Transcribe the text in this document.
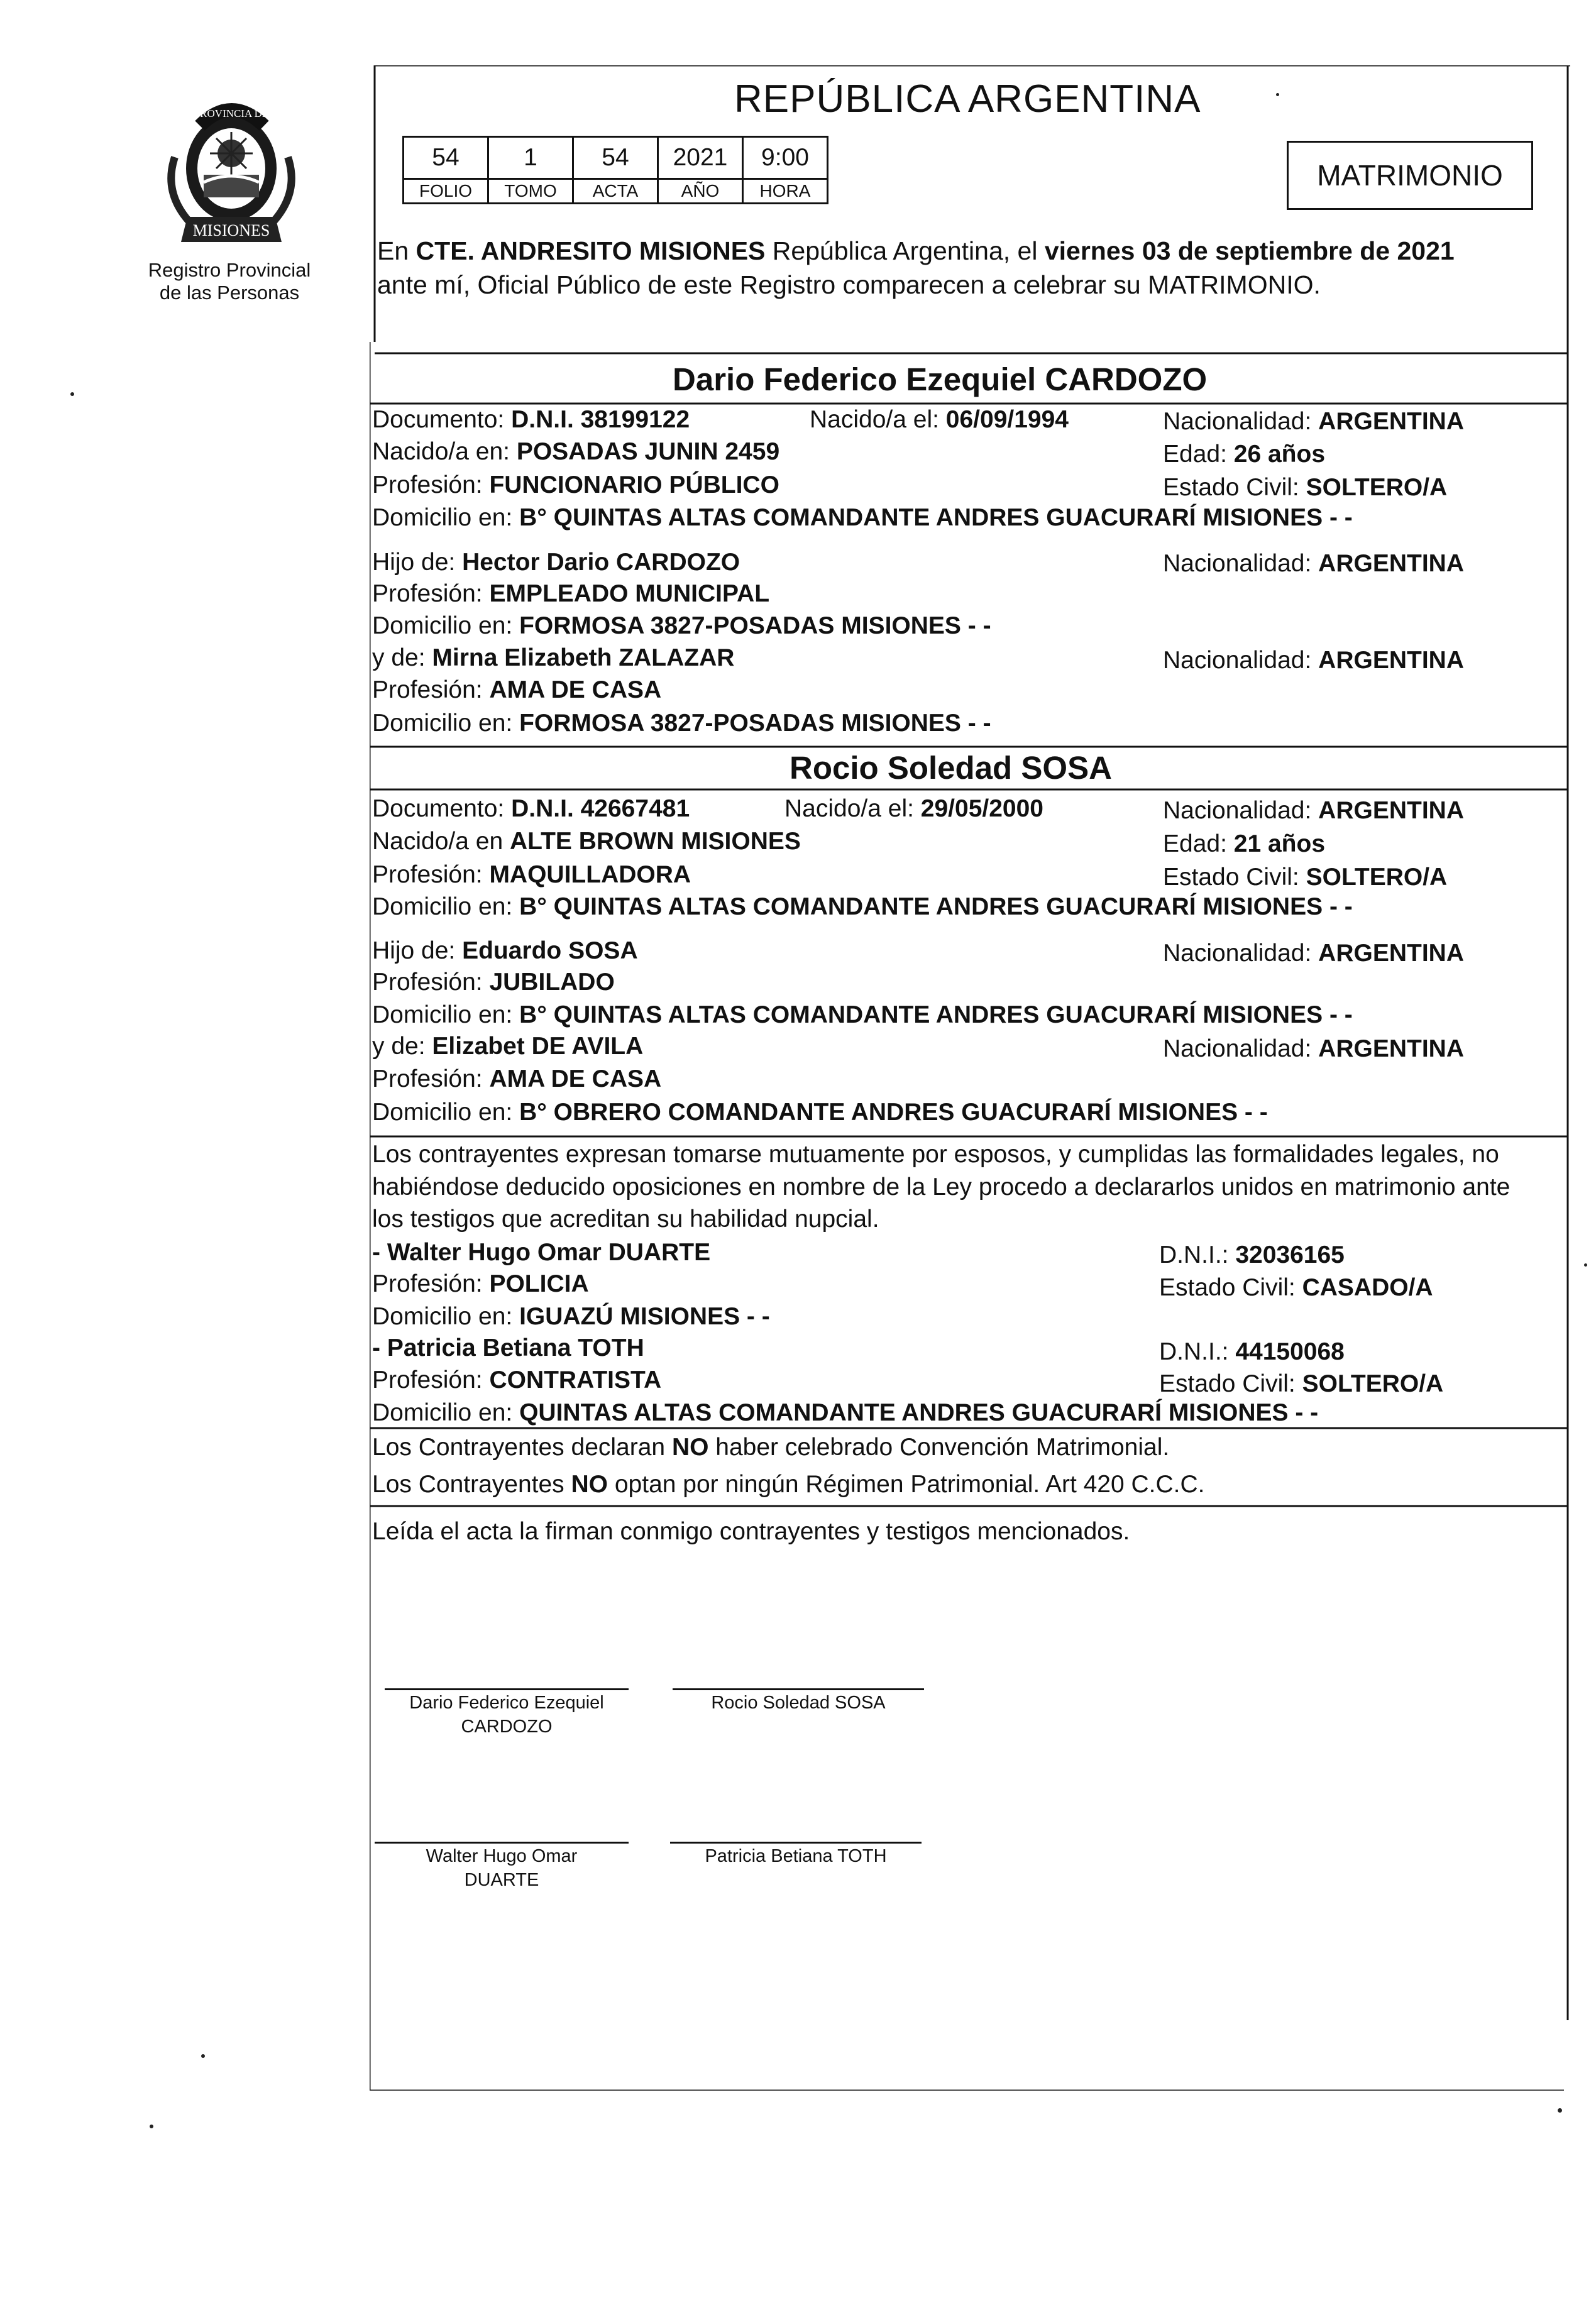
PROVINCIA DE
MISIONES
Registro Provincial
de las Personas
REPÚBLICA ARGENTINA
54	1	54	2021	9:00
FOLIO	TOMO	ACTA	AÑO	HORA	MATRIMONIO
En CTE. ANDRESITO MISIONES República Argentina, el viernes 03 de septiembre de 2021
ante mí, Oficial Público de este Registro comparecen a celebrar su MATRIMONIO.
Dario Federico Ezequiel CARDOZO
Documento: D.N.I. 38199122	Nacido/a el: 06/09/1994	Nacionalidad: ARGENTINA
Nacido/a en: POSADAS JUNIN 2459	Edad: 26 años
Profesión: FUNCIONARIO PÚBLICO	Estado Civil: SOLTERO/A
Domicilio en: B° QUINTAS ALTAS COMANDANTE ANDRES GUACURARÍ MISIONES - -
Hijo de: Hector Dario CARDOZO	Nacionalidad: ARGENTINA
Profesión: EMPLEADO MUNICIPAL
Domicilio en: FORMOSA 3827-POSADAS MISIONES - -
y de: Mirna Elizabeth ZALAZAR	Nacionalidad: ARGENTINA
Profesión: AMA DE CASA
Domicilio en: FORMOSA 3827-POSADAS MISIONES - -
Rocio Soledad SOSA
Documento: D.N.I. 42667481	Nacido/a el: 29/05/2000	Nacionalidad: ARGENTINA
Nacido/a en ALTE BROWN MISIONES	Edad: 21 años
Profesión: MAQUILLADORA	Estado Civil: SOLTERO/A
Domicilio en: B° QUINTAS ALTAS COMANDANTE ANDRES GUACURARÍ MISIONES - -
Hijo de: Eduardo SOSA	Nacionalidad: ARGENTINA
Profesión: JUBILADO
Domicilio en: B° QUINTAS ALTAS COMANDANTE ANDRES GUACURARÍ MISIONES - -
y de: Elizabet DE AVILA	Nacionalidad: ARGENTINA
Profesión: AMA DE CASA
Domicilio en: B° OBRERO COMANDANTE ANDRES GUACURARÍ MISIONES - -
Los contrayentes expresan tomarse mutuamente por esposos, y cumplidas las formalidades legales, no
habiéndose deducido oposiciones en nombre de la Ley procedo a declararlos unidos en matrimonio ante
los testigos que acreditan su habilidad nupcial.
- Walter Hugo Omar DUARTE	D.N.I.: 32036165
Profesión: POLICIA	Estado Civil: CASADO/A
Domicilio en: IGUAZÚ MISIONES - -
- Patricia Betiana TOTH	D.N.I.: 44150068
Profesión: CONTRATISTA	Estado Civil: SOLTERO/A
Domicilio en: QUINTAS ALTAS COMANDANTE ANDRES GUACURARÍ MISIONES - -
Los Contrayentes declaran NO haber celebrado Convención Matrimonial.
Los Contrayentes NO optan por ningún Régimen Patrimonial. Art 420 C.C.C.
Leída el acta la firman conmigo contrayentes y testigos mencionados.
Dario Federico Ezequiel
CARDOZO
Rocio Soledad SOSA
Walter Hugo Omar
DUARTE
Patricia Betiana TOTH
